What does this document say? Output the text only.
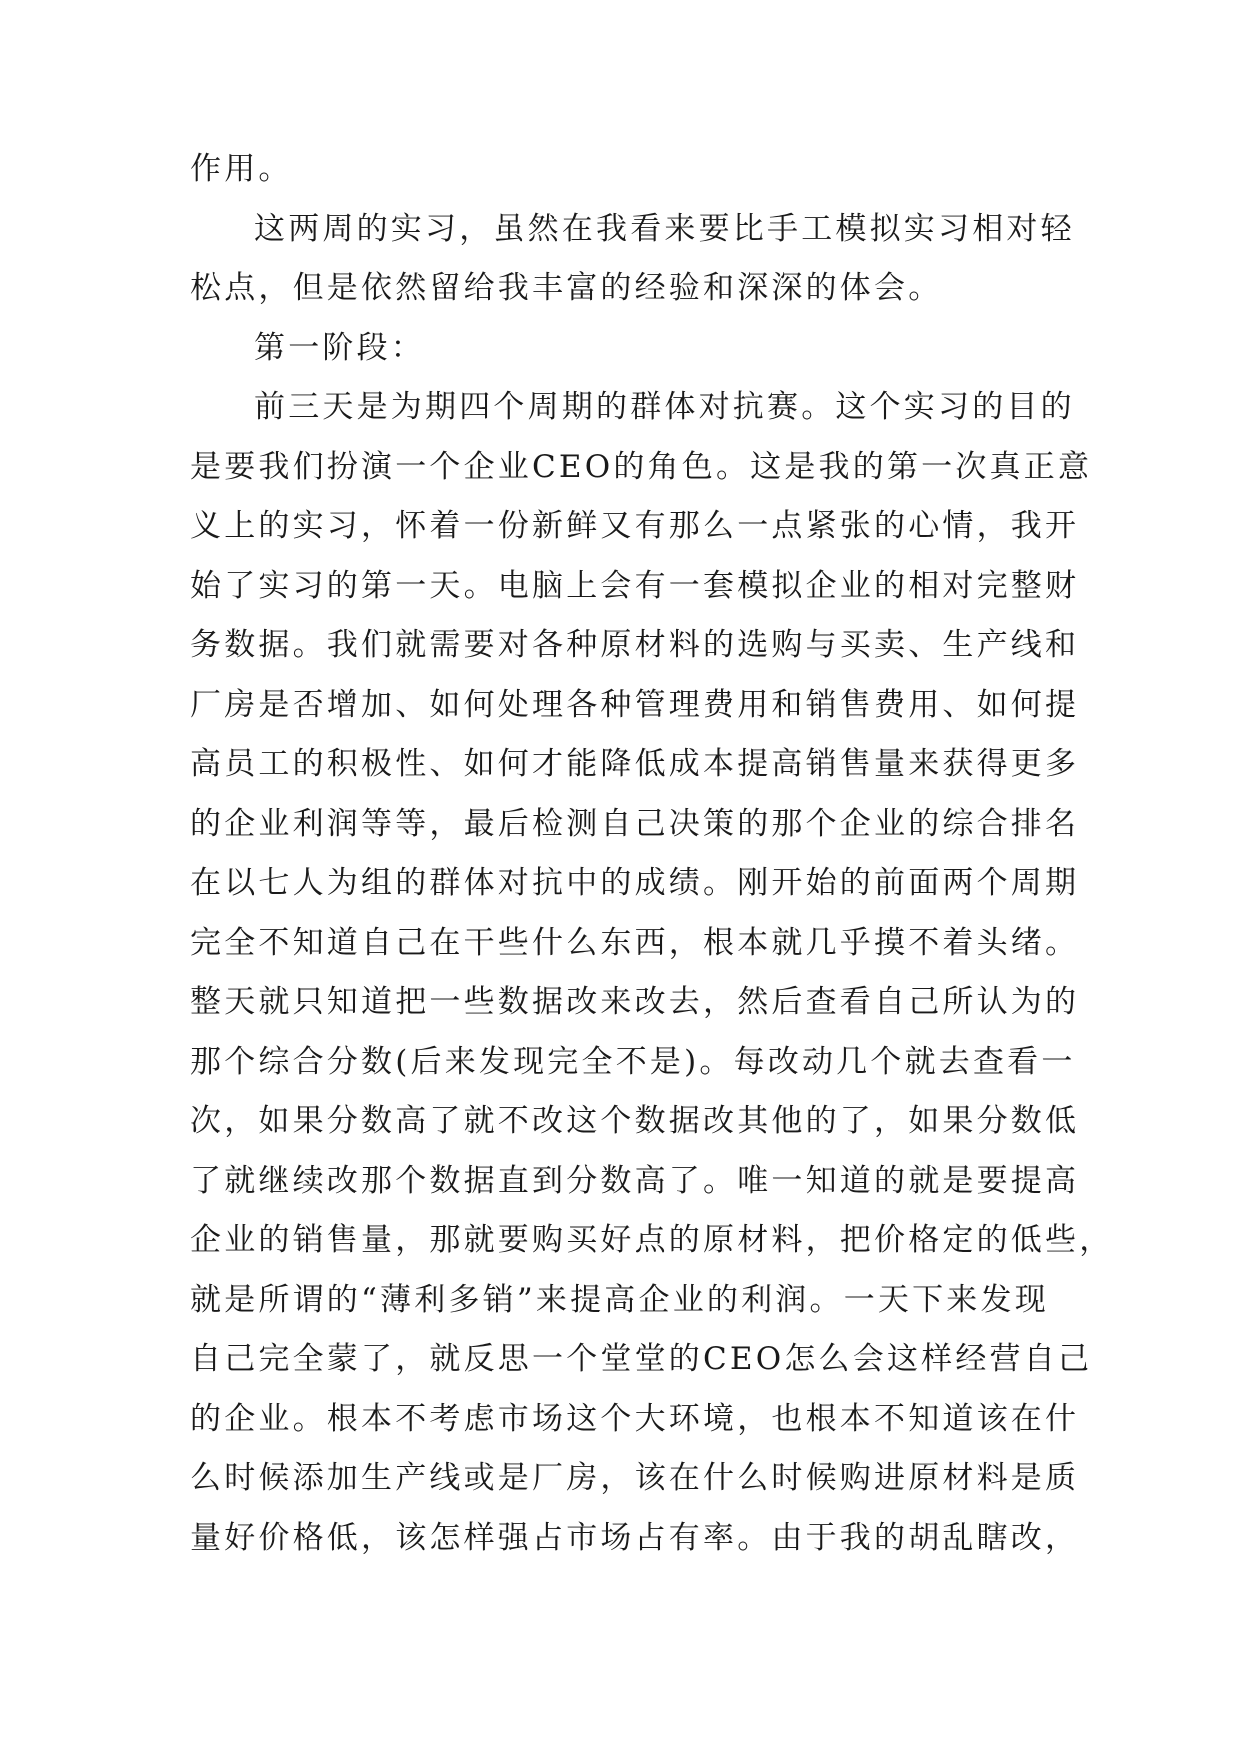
作用。
这两周的实习，虽然在我看来要比手工模拟实习相对轻
松点，但是依然留给我丰富的经验和深深的体会。
第一阶段：
前三天是为期四个周期的群体对抗赛。这个实习的目的
是要我们扮演一个企业CEO的角色。这是我的第一次真正意
义上的实习，怀着一份新鲜又有那么一点紧张的心情，我开
始了实习的第一天。电脑上会有一套模拟企业的相对完整财
务数据。我们就需要对各种原材料的选购与买卖、生产线和
厂房是否增加、如何处理各种管理费用和销售费用、如何提
高员工的积极性、如何才能降低成本提高销售量来获得更多
的企业利润等等，最后检测自己决策的那个企业的综合排名
在以七人为组的群体对抗中的成绩。刚开始的前面两个周期
完全不知道自己在干些什么东西，根本就几乎摸不着头绪。
整天就只知道把一些数据改来改去，然后查看自己所认为的
那个综合分数(后来发现完全不是)。每改动几个就去查看一
次，如果分数高了就不改这个数据改其他的了，如果分数低
了就继续改那个数据直到分数高了。唯一知道的就是要提高
企业的销售量，那就要购买好点的原材料，把价格定的低些，
就是所谓的“薄利多销”来提高企业的利润。一天下来发现
自己完全蒙了，就反思一个堂堂的CEO怎么会这样经营自己
的企业。根本不考虑市场这个大环境，也根本不知道该在什
么时候添加生产线或是厂房，该在什么时候购进原材料是质
量好价格低，该怎样强占市场占有率。由于我的胡乱瞎改，
